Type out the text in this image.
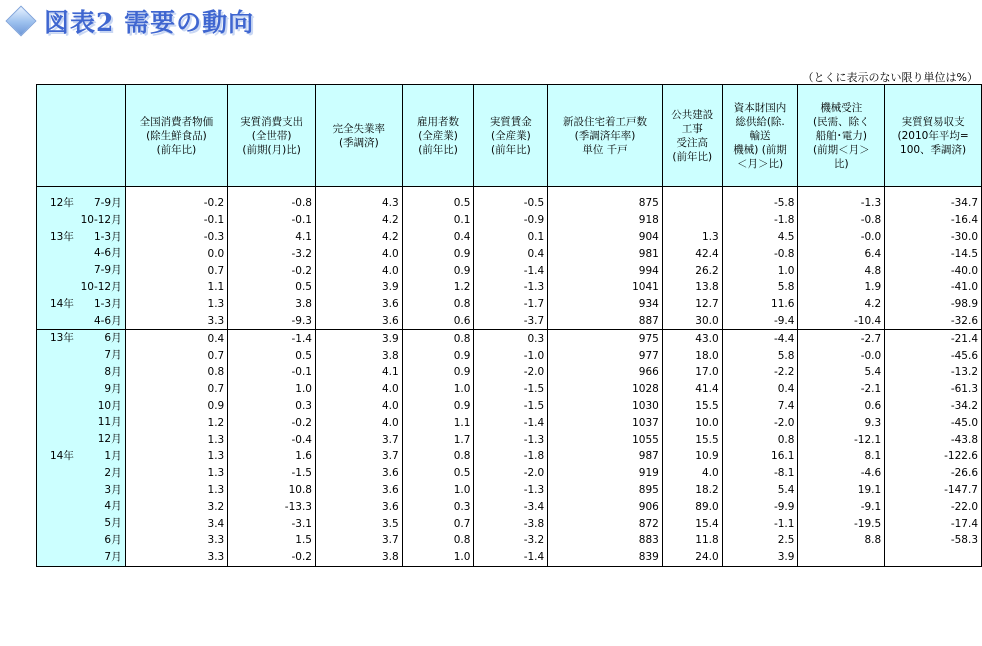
図表2 需要の動向
（とくに表示のない限り単位は%）
	全国消費者物価
(除生鮮食品)
(前年比)	実質消費支出
(全世帯)
(前期(月)比)	完全失業率
(季調済)	雇用者数
(全産業)
(前年比)	実質賃金
(全産業)
(前年比)	新設住宅着工戸数
(季調済年率)
単位 千戸	公共建設
工事
受注高
(前年比)	資本財国内
総供給(除.
輸送
機械) (前期
＜月＞比)	機械受注
(民需、除く
船舶･電力)
(前期＜月＞
比)	実質貿易収支
(2010年平均=
100、季調済)

12年 7-9月	-0.2	-0.8	4.3	0.5	-0.5	875		-5.8	-1.3	-34.7

10-12月	-0.1	-0.1	4.2	0.1	-0.9	918		-1.8	-0.8	-16.4

13年 1-3月	-0.3	4.1	4.2	0.4	0.1	904	1.3	4.5	-0.0	-30.0

4-6月	0.0	-3.2	4.0	0.9	0.4	981	42.4	-0.8	6.4	-14.5

7-9月	0.7	-0.2	4.0	0.9	-1.4	994	26.2	1.0	4.8	-40.0

10-12月	1.1	0.5	3.9	1.2	-1.3	1041	13.8	5.8	1.9	-41.0

14年 1-3月	1.3	3.8	3.6	0.8	-1.7	934	12.7	11.6	4.2	-98.9

4-6月	3.3	-9.3	3.6	0.6	-3.7	887	30.0	-9.4	-10.4	-32.6

13年 6月	0.4	-1.4	3.9	0.8	0.3	975	43.0	-4.4	-2.7	-21.4

7月	0.7	0.5	3.8	0.9	-1.0	977	18.0	5.8	-0.0	-45.6

8月	0.8	-0.1	4.1	0.9	-2.0	966	17.0	-2.2	5.4	-13.2

9月	0.7	1.0	4.0	1.0	-1.5	1028	41.4	0.4	-2.1	-61.3

10月	0.9	0.3	4.0	0.9	-1.5	1030	15.5	7.4	0.6	-34.2

11月	1.2	-0.2	4.0	1.1	-1.4	1037	10.0	-2.0	9.3	-45.0

12月	1.3	-0.4	3.7	1.7	-1.3	1055	15.5	0.8	-12.1	-43.8

14年 1月	1.3	1.6	3.7	0.8	-1.8	987	10.9	16.1	8.1	-122.6

2月	1.3	-1.5	3.6	0.5	-2.0	919	4.0	-8.1	-4.6	-26.6

3月	1.3	10.8	3.6	1.0	-1.3	895	18.2	5.4	19.1	-147.7

4月	3.2	-13.3	3.6	0.3	-3.4	906	89.0	-9.9	-9.1	-22.0

5月	3.4	-3.1	3.5	0.7	-3.8	872	15.4	-1.1	-19.5	-17.4

6月	3.3	1.5	3.7	0.8	-3.2	883	11.8	2.5	8.8	-58.3

7月	3.3	-0.2	3.8	1.0	-1.4	839	24.0	3.9		
